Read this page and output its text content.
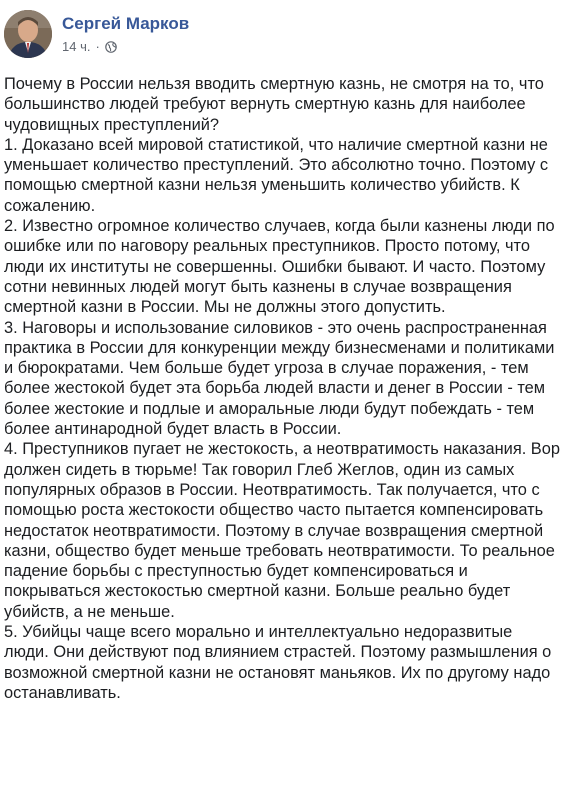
Сергей Марков
14 ч. ·
Почему в России нельзя вводить смертную казнь, не смотря на то, что
большинство людей требуют вернуть смертную казнь для наиболее
чудовищных преступлений?
1. Доказано всей мировой статистикой, что наличие смертной казни не
уменьшает количество преступлений. Это абсолютно точно. Поэтому с
помощью смертной казни нельзя уменьшить количество убийств. К
сожалению.
2. Известно огромное количество случаев, когда были казнены люди по
ошибке или по наговору реальных преступников. Просто потому, что
люди их институты не совершенны. Ошибки бывают. И часто. Поэтому
сотни невинных людей могут быть казнены в случае возвращения
смертной казни в России. Мы не должны этого допустить.
3. Наговоры и использование силовиков - это очень распространенная
практика в России для конкуренции между бизнесменами и политиками
и бюрократами. Чем больше будет угроза в случае поражения, - тем
более жестокой будет эта борьба людей власти и денег в России - тем
более жестокие и подлые и аморальные люди будут побеждать - тем
более антинародной будет власть в России.
4. Преступников пугает не жестокость, а неотвратимость наказания. Вор
должен сидеть в тюрьме! Так говорил Глеб Жеглов, один из самых
популярных образов в России. Неотвратимость. Так получается, что с
помощью роста жестокости общество часто пытается компенсировать
недостаток неотвратимости. Поэтому в случае возвращения смертной
казни, общество будет меньше требовать неотвратимости. То реальное
падение борьбы с преступностью будет компенсироваться и
покрываться жестокостью смертной казни. Больше реально будет
убийств, а не меньше.
5. Убийцы чаще всего морально и интеллектуально недоразвитые
люди. Они действуют под влиянием страстей. Поэтому размышления о
возможной смертной казни не остановят маньяков. Их по другому надо
останавливать.
